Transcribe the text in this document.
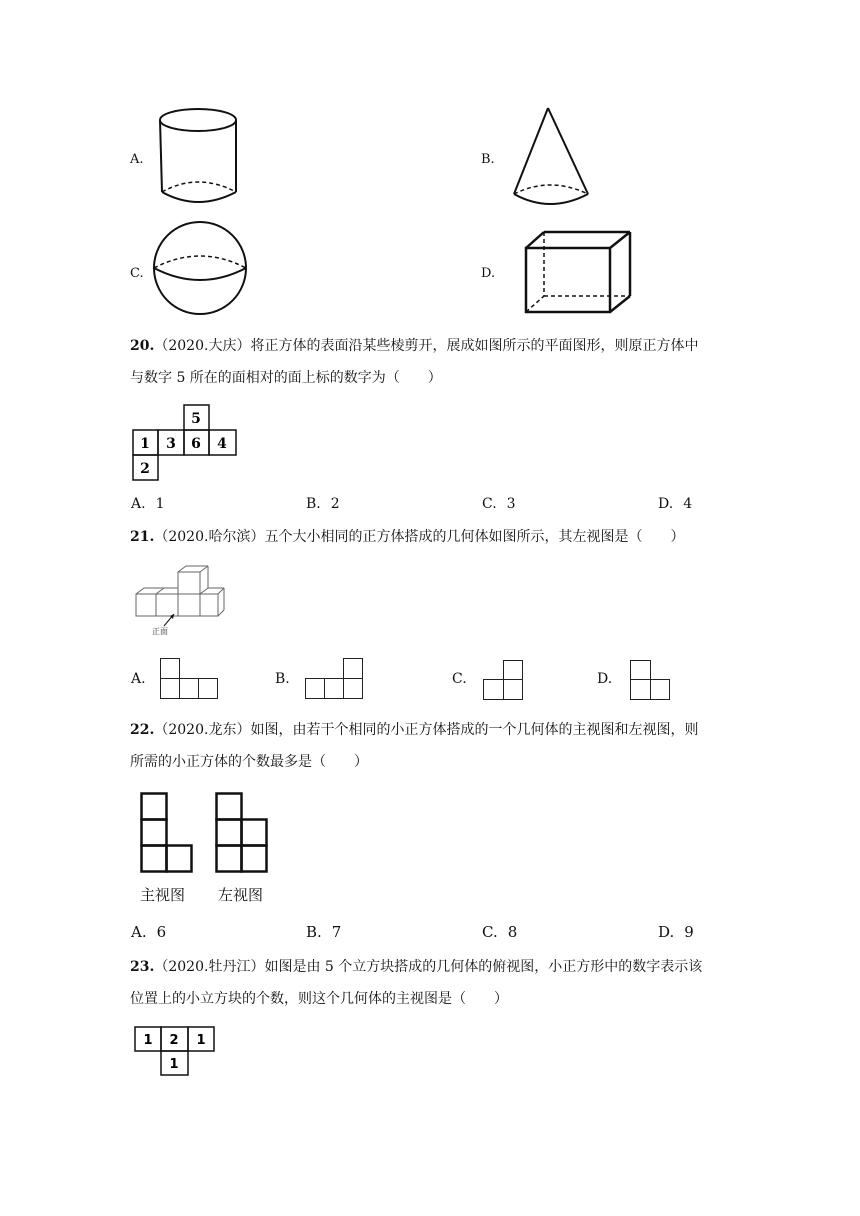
A.	B.
C.	D.
20.（2020.大庆）将正方体的表面沿某些棱剪开，展成如图所示的平面图形，则原正方体中
与数字 5 所在的面相对的面上标的数字为（　　）
5
1 3 6 4
2
A. 1	B. 2	C. 3	D. 4
21.（2020.哈尔滨）五个大小相同的正方体搭成的几何体如图所示，其左视图是（　　）
正面
A.	B.	C.	D.
22.（2020.龙东）如图，由若干个相同的小正方体搭成的一个几何体的主视图和左视图，则
所需的小正方体的个数最多是（　　）
主视图 左视图
A. 6	B. 7	C. 8	D. 9
23.（2020.牡丹江）如图是由 5 个立方块搭成的几何体的俯视图，小正方形中的数字表示该
位置上的小立方块的个数，则这个几何体的主视图是（　　）
1 2 1
1
